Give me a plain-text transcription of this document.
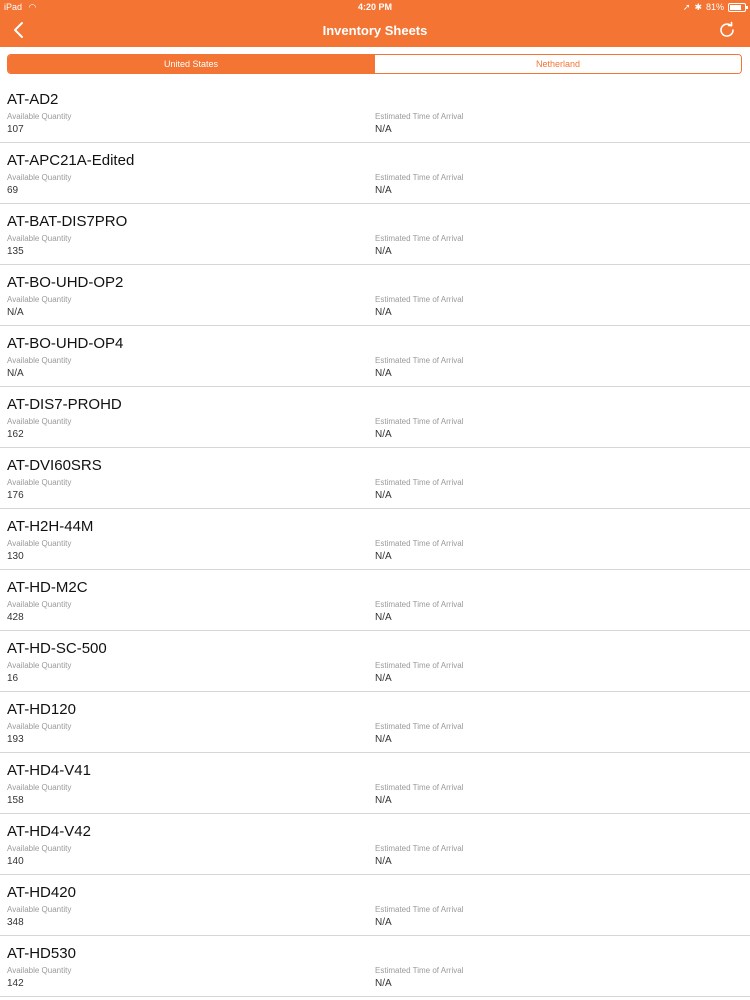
iPad ◠	4:20 PM	➚ ✱ 81%
Inventory Sheets
United States	Netherland
AT-AD2
Available Quantity
107
Estimated Time of Arrival
N/A
AT-APC21A-Edited
Available Quantity
69
Estimated Time of Arrival
N/A
AT-BAT-DIS7PRO
Available Quantity
135
Estimated Time of Arrival
N/A
AT-BO-UHD-OP2
Available Quantity
N/A
Estimated Time of Arrival
N/A
AT-BO-UHD-OP4
Available Quantity
N/A
Estimated Time of Arrival
N/A
AT-DIS7-PROHD
Available Quantity
162
Estimated Time of Arrival
N/A
AT-DVI60SRS
Available Quantity
176
Estimated Time of Arrival
N/A
AT-H2H-44M
Available Quantity
130
Estimated Time of Arrival
N/A
AT-HD-M2C
Available Quantity
428
Estimated Time of Arrival
N/A
AT-HD-SC-500
Available Quantity
16
Estimated Time of Arrival
N/A
AT-HD120
Available Quantity
193
Estimated Time of Arrival
N/A
AT-HD4-V41
Available Quantity
158
Estimated Time of Arrival
N/A
AT-HD4-V42
Available Quantity
140
Estimated Time of Arrival
N/A
AT-HD420
Available Quantity
348
Estimated Time of Arrival
N/A
AT-HD530
Available Quantity
142
Estimated Time of Arrival
N/A
